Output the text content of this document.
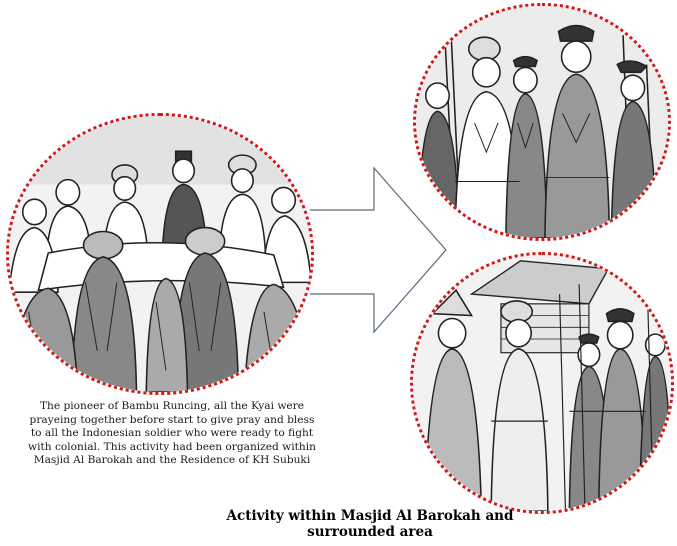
The pioneer of Bambu Runcing, all the Kyai were
prayeing together before start to give pray and bless
to all the Indonesian soldier who were ready to fight
with colonial. This activity had been organized within
Masjid Al Barokah and the Residence of KH Subuki
Activity within Masjid Al Barokah and
surrounded area
